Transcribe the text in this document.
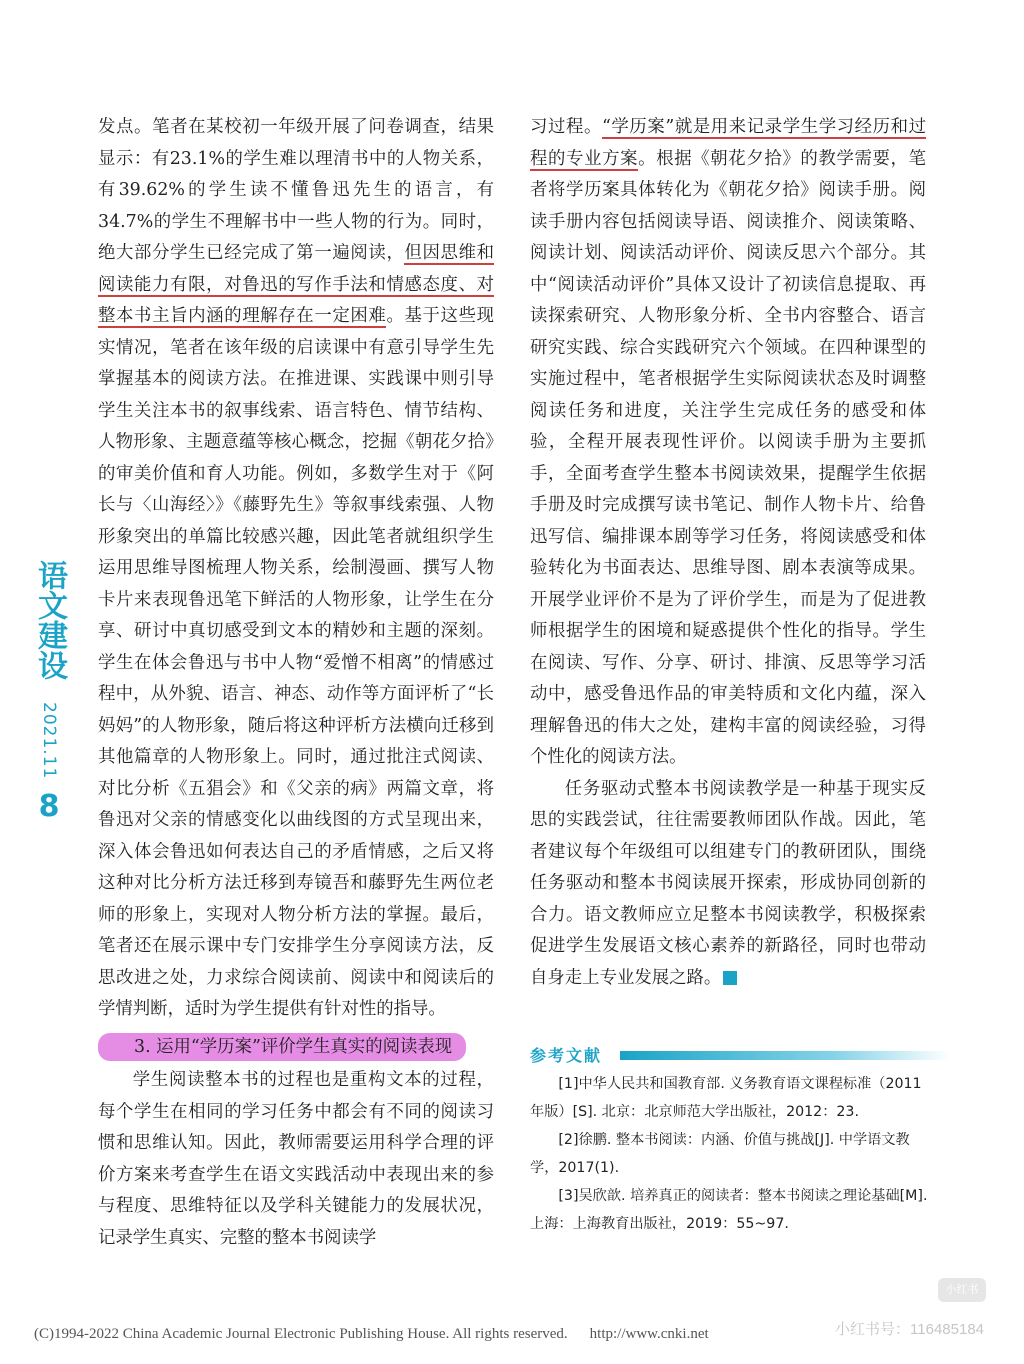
语文建设
2021.11
8

发点。笔者在某校初一年级开展了问卷调查，结果显示：有23.1%的学生难以理清书中的人物关系，有39.62%的学生读不懂鲁迅先生的语言，有34.7%的学生不理解书中一些人物的行为。同时，绝大部分学生已经完成了第一遍阅读，但因思维和阅读能力有限，对鲁迅的写作手法和情感态度、对整本书主旨内涵的理解存在一定困难。基于这些现实情况，笔者在该年级的启读课中有意引导学生先掌握基本的阅读方法。在推进课、实践课中则引导学生关注本书的叙事线索、语言特色、情节结构、人物形象、主题意蕴等核心概念，挖掘《朝花夕拾》的审美价值和育人功能。例如，多数学生对于《阿长与〈山海经〉》《藤野先生》等叙事线索强、人物形象突出的单篇比较感兴趣，因此笔者就组织学生运用思维导图梳理人物关系，绘制漫画、撰写人物卡片来表现鲁迅笔下鲜活的人物形象，让学生在分享、研讨中真切感受到文本的精妙和主题的深刻。学生在体会鲁迅与书中人物“爱憎不相离”的情感过程中，从外貌、语言、神态、动作等方面评析了“长妈妈”的人物形象，随后将这种评析方法横向迁移到其他篇章的人物形象上。同时，通过批注式阅读、对比分析《五猖会》和《父亲的病》两篇文章，将鲁迅对父亲的情感变化以曲线图的方式呈现出来，深入体会鲁迅如何表达自己的矛盾情感，之后又将这种对比分析方法迁移到寿镜吾和藤野先生两位老师的形象上，实现对人物分析方法的掌握。最后，笔者还在展示课中专门安排学生分享阅读方法，反思改进之处，力求综合阅读前、阅读中和阅读后的学情判断，适时为学生提供有针对性的指导。

3. 运用“学历案”评价学生真实的阅读表现

学生阅读整本书的过程也是重构文本的过程，每个学生在相同的学习任务中都会有不同的阅读习惯和思维认知。因此，教师需要运用科学合理的评价方案来考查学生在语文实践活动中表现出来的参与程度、思维特征以及学科关键能力的发展状况，记录学生真实、完整的整本书阅读学

习过程。“学历案”就是用来记录学生学习经历和过程的专业方案。根据《朝花夕拾》的教学需要，笔者将学历案具体转化为《朝花夕拾》阅读手册。阅读手册内容包括阅读导语、阅读推介、阅读策略、阅读计划、阅读活动评价、阅读反思六个部分。其中“阅读活动评价”具体又设计了初读信息提取、再读探索研究、人物形象分析、全书内容整合、语言研究实践、综合实践研究六个领域。在四种课型的实施过程中，笔者根据学生实际阅读状态及时调整阅读任务和进度，关注学生完成任务的感受和体验，全程开展表现性评价。以阅读手册为主要抓手，全面考查学生整本书阅读效果，提醒学生依据手册及时完成撰写读书笔记、制作人物卡片、给鲁迅写信、编排课本剧等学习任务，将阅读感受和体验转化为书面表达、思维导图、剧本表演等成果。开展学业评价不是为了评价学生，而是为了促进教师根据学生的困境和疑惑提供个性化的指导。学生在阅读、写作、分享、研讨、排演、反思等学习活动中，感受鲁迅作品的审美特质和文化内蕴，深入理解鲁迅的伟大之处，建构丰富的阅读经验，习得个性化的阅读方法。

任务驱动式整本书阅读教学是一种基于现实反思的实践尝试，往往需要教师团队作战。因此，笔者建议每个年级组可以组建专门的教研团队，围绕任务驱动和整本书阅读展开探索，形成协同创新的合力。语文教师应立足整本书阅读教学，积极探索促进学生发展语文核心素养的新路径，同时也带动自身走上专业发展之路。	语

参考文献

[1]中华人民共和国教育部. 义务教育语文课程标准（2011年版）[S]. 北京：北京师范大学出版社，2012：23.

[2]徐鹏. 整本书阅读：内涵、价值与挑战[J]. 中学语文教学，2017(1).

[3]吴欣歆. 培养真正的阅读者：整本书阅读之理论基础[M]. 上海：上海教育出版社，2019：55~97.

小红书
小红书号：116485184
(C)1994-2022 China Academic Journal Electronic Publishing House. All rights reserved. http://www.cnki.net
